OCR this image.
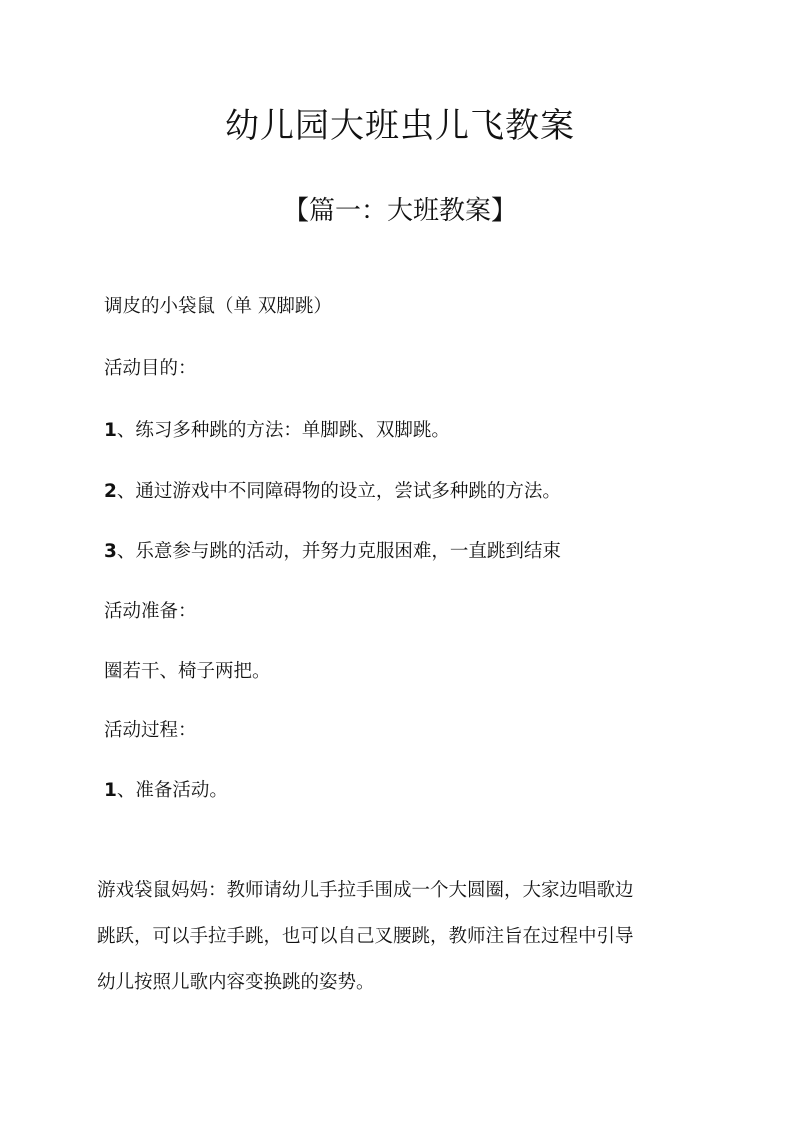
幼儿园大班虫儿飞教案
【篇一：大班教案】
调皮的小袋鼠（单 双脚跳）
活动目的：
1、练习多种跳的方法：单脚跳、双脚跳。
2、通过游戏中不同障碍物的设立，尝试多种跳的方法。
3、乐意参与跳的活动，并努力克服困难，一直跳到结束
活动准备：
圈若干、椅子两把。
活动过程：
1、准备活动。
游戏袋鼠妈妈：教师请幼儿手拉手围成一个大圆圈，大家边唱歌边
跳跃，可以手拉手跳，也可以自己叉腰跳，教师注旨在过程中引导
幼儿按照儿歌内容变换跳的姿势。
